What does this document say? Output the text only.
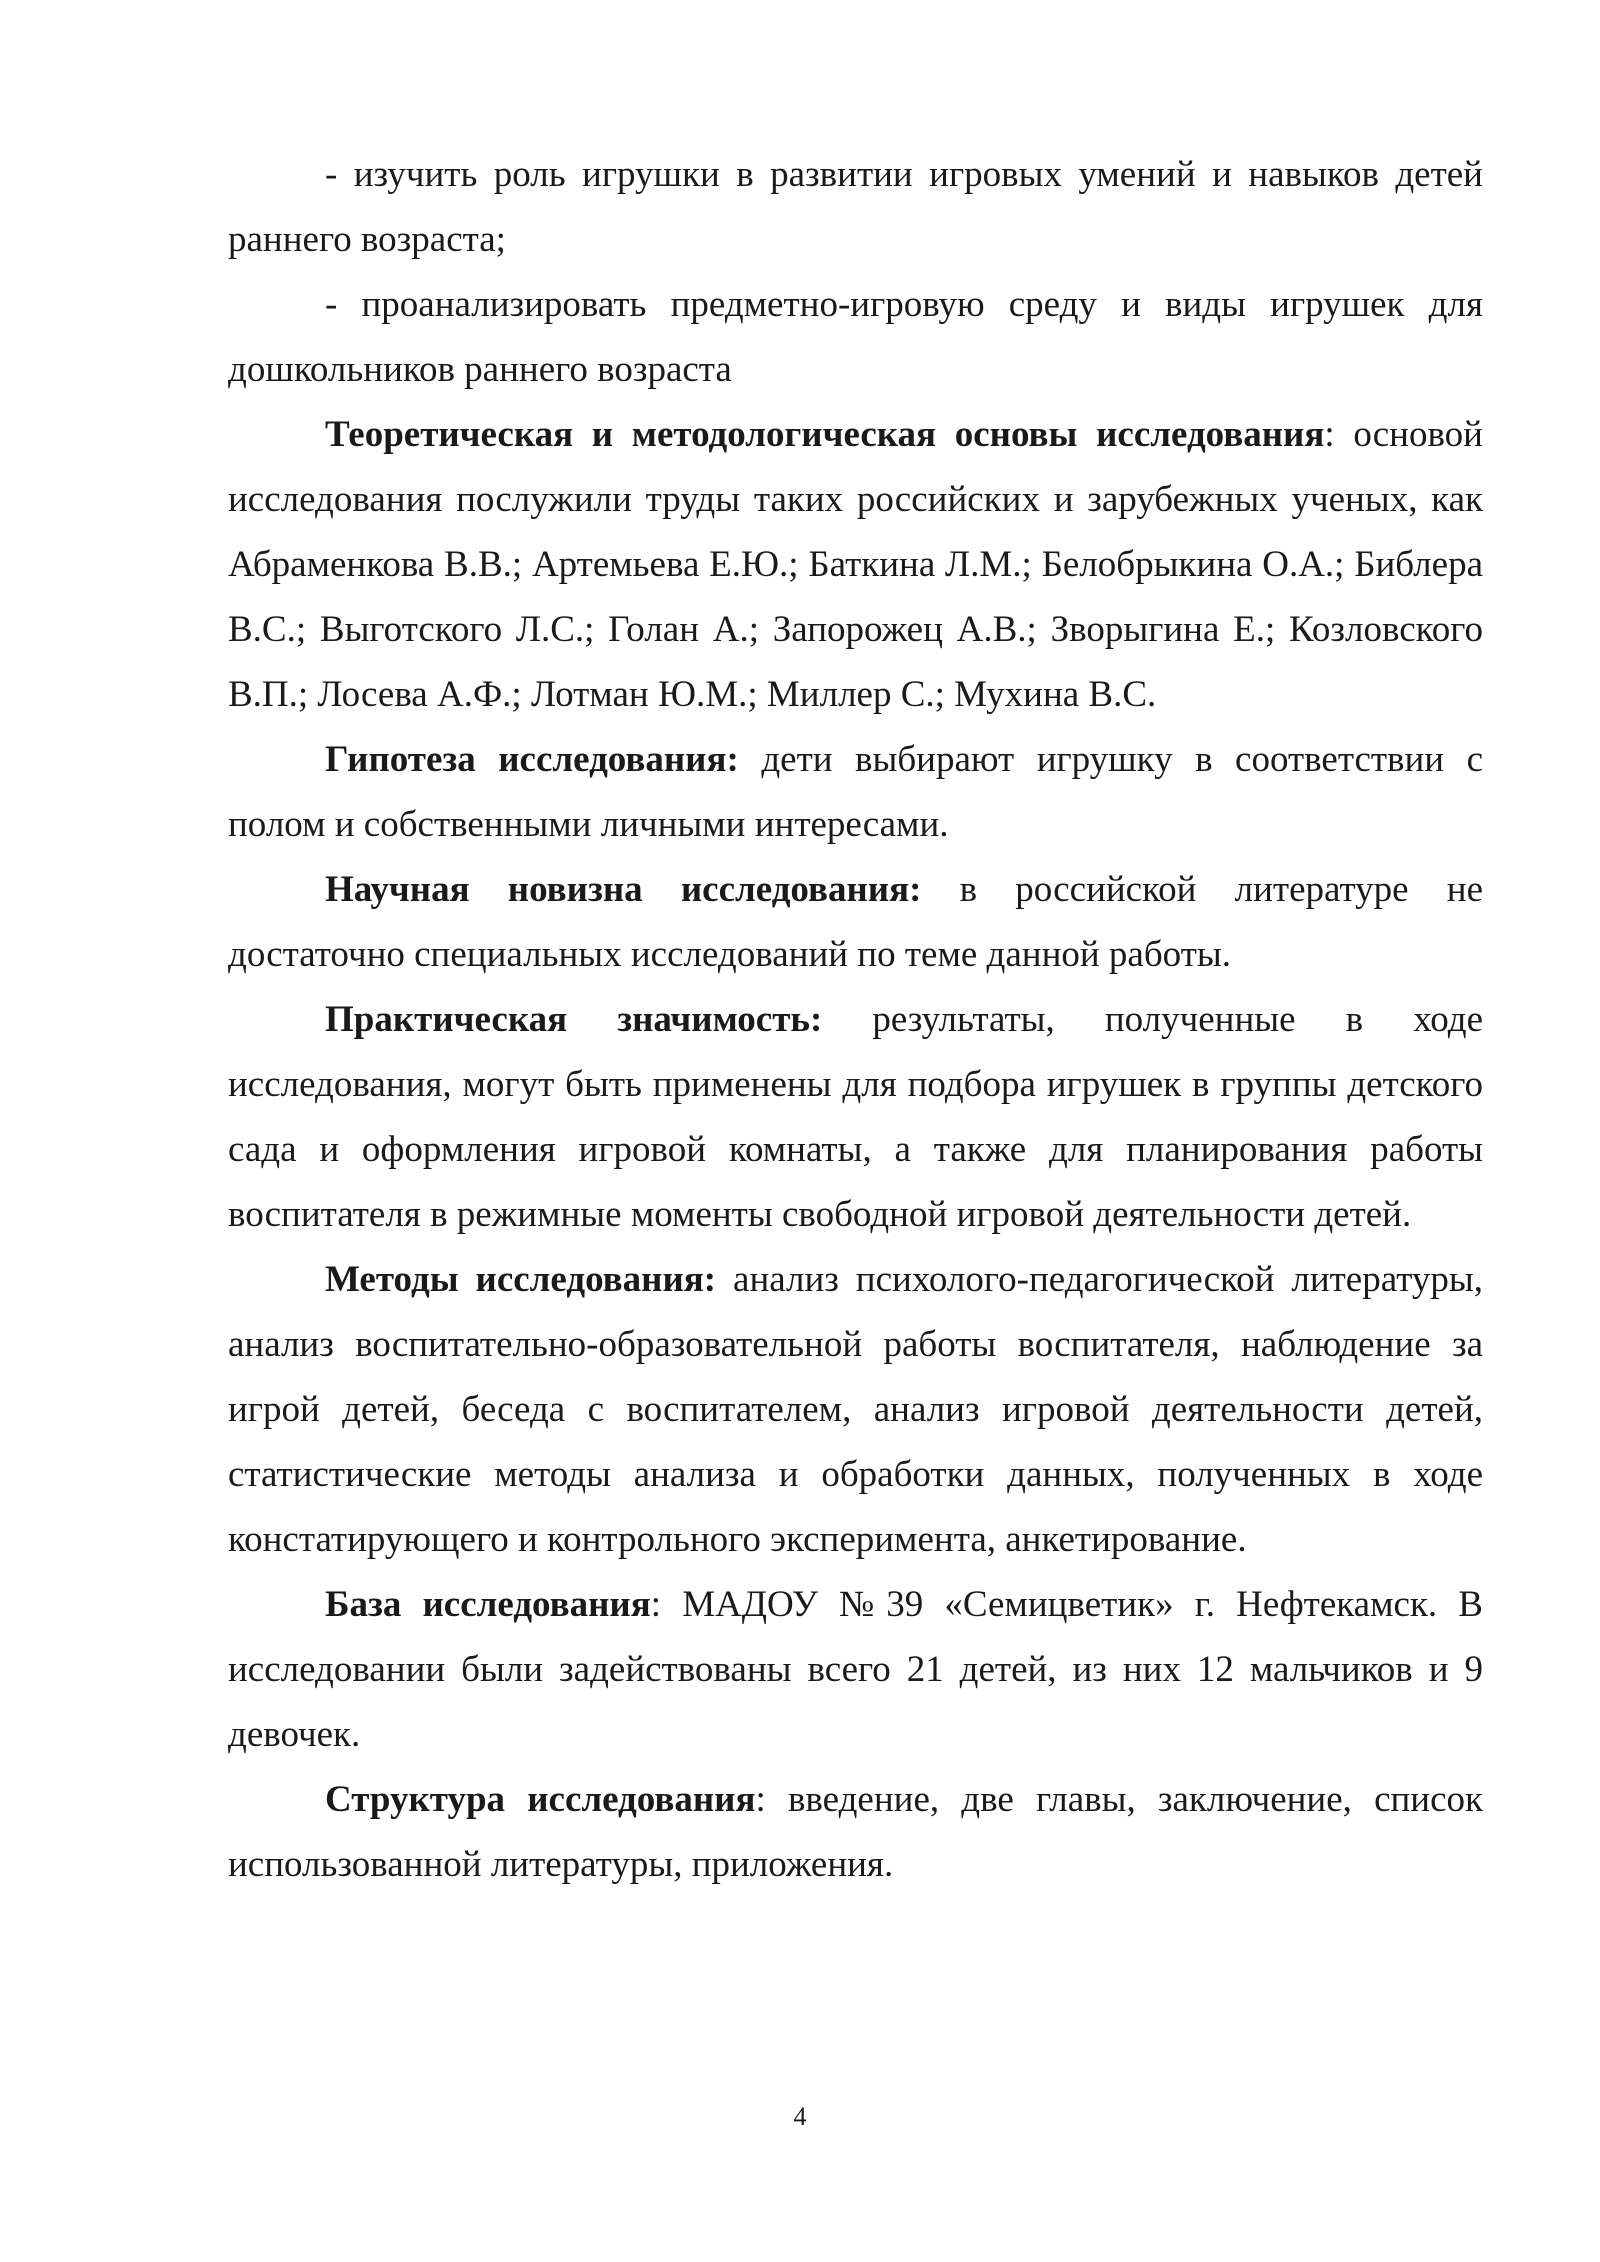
- изучить роль игрушки в развитии игровых умений и навыков детей раннего возраста;

- проанализировать предметно-игровую среду и виды игрушек для дошкольников раннего возраста

Теоретическая и методологическая основы исследования: основой исследования послужили труды таких российских и зарубежных ученых, как Абраменкова В.В.; Артемьева Е.Ю.; Баткина Л.М.; Белобрыкина О.А.; Библера В.С.; Выготского Л.С.; Голан А.; Запорожец А.В.; Зворыгина Е.; Козловского В.П.; Лосева А.Ф.; Лотман Ю.М.; Миллер С.; Мухина В.С.

Гипотеза исследования: дети выбирают игрушку в соответствии с полом и собственными личными интересами.

Научная новизна исследования: в российской литературе не достаточно специальных исследований по теме данной работы.

Практическая значимость: результаты, полученные в ходе исследования, могут быть применены для подбора игрушек в группы детского сада и оформления игровой комнаты, а также для планирования работы воспитателя в режимные моменты свободной игровой деятельности детей.

Методы исследования: анализ психолого-педагогической литературы, анализ воспитательно-образовательной работы воспитателя, наблюдение за игрой детей, беседа с воспитателем, анализ игровой деятельности детей, статистические методы анализа и обработки данных, полученных в ходе констатирующего и контрольного эксперимента, анкетирование.

База исследования: МАДОУ №39 «Семицветик» г. Нефтекамск. В исследовании были задействованы всего 21 детей, из них 12 мальчиков и 9 девочек.

Структура исследования: введение, две главы, заключение, список использованной литературы, приложения.

4
